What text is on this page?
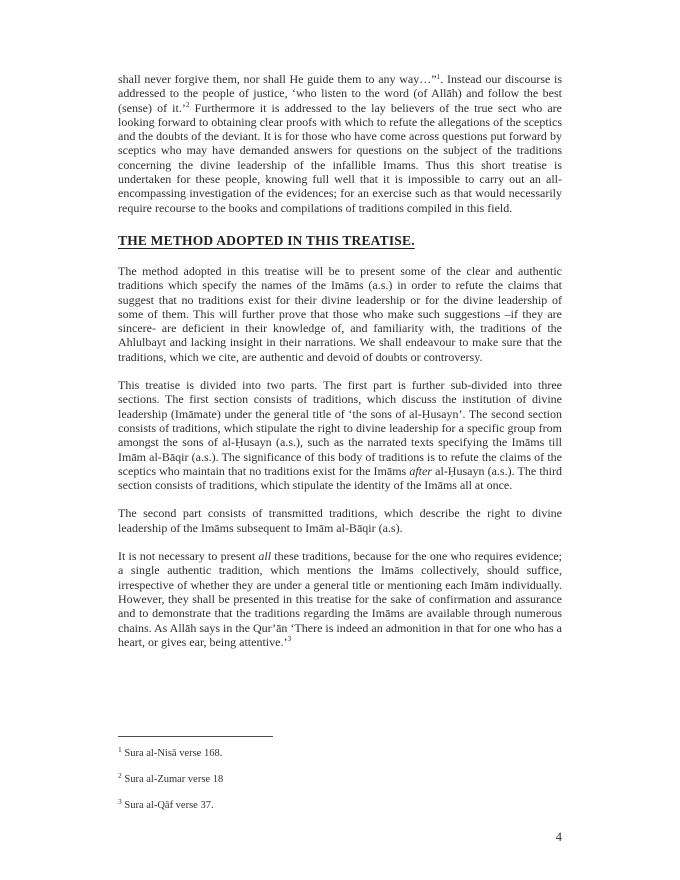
shall never forgive them, nor shall He guide them to any way…”$^1$. Instead our discourse is addressed to the people of justice, ‘who listen to the word (of Allāh) and follow the best (sense) of it.’$^2$ Furthermore it is addressed to the lay believers of the true sect who are looking forward to obtaining clear proofs with which to refute the allegations of the sceptics and the doubts of the deviant. It is for those who have come across questions put forward by sceptics who may have demanded answers for questions on the subject of the traditions concerning the divine leadership of the infallible Imams. Thus this short treatise is undertaken for these people, knowing full well that it is impossible to carry out an all-encompassing investigation of the evidences; for an exercise such as that would necessarily require recourse to the books and compilations of traditions compiled in this field.

THE METHOD ADOPTED IN THIS TREATISE.

The method adopted in this treatise will be to present some of the clear and authentic traditions which specify the names of the Imāms (a.s.) in order to refute the claims that suggest that no traditions exist for their divine leadership or for the divine leadership of some of them. This will further prove that those who make such suggestions –if they are sincere- are deficient in their knowledge of, and familiarity with, the traditions of the Ahlulbayt and lacking insight in their narrations. We shall endeavour to make sure that the traditions, which we cite, are authentic and devoid of doubts or controversy.

This treatise is divided into two parts. The first part is further sub-divided into three sections. The first section consists of traditions, which discuss the institution of divine leadership (Imāmate) under the general title of ‘the sons of al-Ḥusayn’. The second section consists of traditions, which stipulate the right to divine leadership for a specific group from amongst the sons of al-Ḥusayn (a.s.), such as the narrated texts specifying the Imāms till Imām al-Bāqir (a.s.). The significance of this body of traditions is to refute the claims of the sceptics who maintain that no traditions exist for the Imāms after al-Ḥusayn (a.s.). The third section consists of traditions, which stipulate the identity of the Imāms all at once.

The second part consists of transmitted traditions, which describe the right to divine leadership of the Imāms subsequent to Imām al-Bāqir (a.s).

It is not necessary to present all these traditions, because for the one who requires evidence; a single authentic tradition, which mentions the Imāms collectively, should suffice, irrespective of whether they are under a general title or mentioning each Imām individually. However, they shall be presented in this treatise for the sake of confirmation and assurance and to demonstrate that the traditions regarding the Imāms are available through numerous chains. As Allāh says in the Qur’ān ‘There is indeed an admonition in that for one who has a heart, or gives ear, being attentive.’$^3$

$^1$ Sura al-Nisā verse 168.
$^2$ Sura al-Zumar verse 18
$^3$ Sura al-Qāf verse 37.
4
